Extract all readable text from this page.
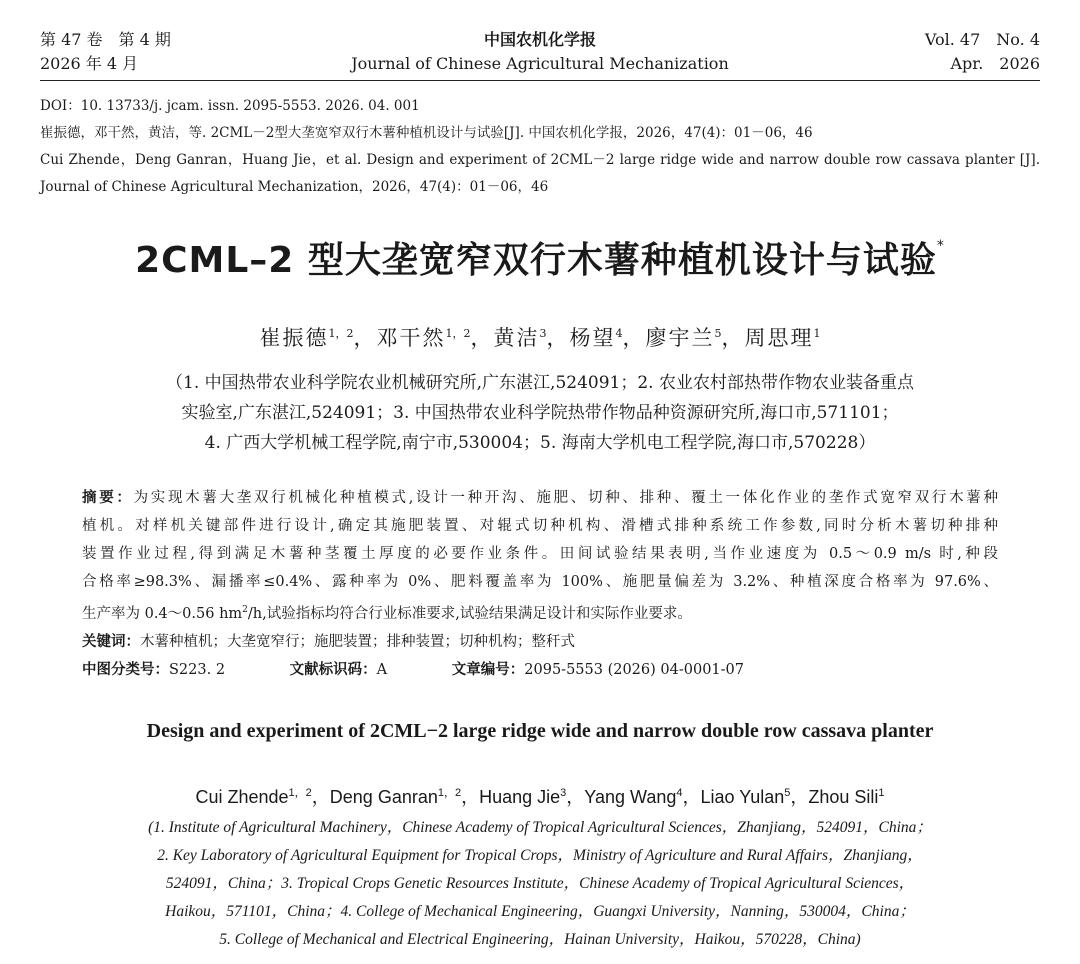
第 47 卷　第 4 期
2026 年 4 月
中国农机化学报
Journal of Chinese Agricultural Mechanization
Vol. 47　No. 4
Apr.　2026
DOI：10. 13733/j. jcam. issn. 2095-5553. 2026. 04. 001
崔振德，邓干然，黄洁，等. 2CML－2型大垄宽窄双行木薯种植机设计与试验[J]. 中国农机化学报，2026，47(4)：01－06，46
Cui Zhende，Deng Ganran，Huang Jie，et al. Design and experiment of 2CML－2 large ridge wide and narrow double row cassava planter [J].
Journal of Chinese Agricultural Mechanization，2026，47(4)：01－06，46
2CML–2 型大垄宽窄双行木薯种植机设计与试验*
崔振德$^{1,2}$，邓干然$^{1,2}$，黄洁$^3$，杨望$^4$，廖宇兰$^5$，周思理$^1$
（1. 中国热带农业科学院农业机械研究所,广东湛江,524091；2. 农业农村部热带作物农业装备重点
实验室,广东湛江,524091；3. 中国热带农业科学院热带作物品种资源研究所,海口市,571101；
4. 广西大学机械工程学院,南宁市,530004；5. 海南大学机电工程学院,海口市,570228）
摘要：为实现木薯大垄双行机械化种植模式,设计一种开沟、施肥、切种、排种、覆土一体化作业的垄作式宽窄双行木薯种
植机。对样机关键部件进行设计,确定其施肥装置、对辊式切种机构、滑槽式排种系统工作参数,同时分析木薯切种排种
装置作业过程,得到满足木薯种茎覆土厚度的必要作业条件。田间试验结果表明,当作业速度为 0.5～0.9 m/s 时,种段
合格率≥98.3%、漏播率≤0.4%、露种率为 0%、肥料覆盖率为 100%、施肥量偏差为 3.2%、种植深度合格率为 97.6%、
生产率为 0.4～0.56 $hm^2/h$,试验指标均符合行业标准要求,试验结果满足设计和实际作业要求。
关键词：木薯种植机；大垄宽窄行；施肥装置；排种装置；切种机构；整秆式
中图分类号：S223. 2	文献标识码：A	文章编号：2095-5553 (2026) 04-0001-07
Design and experiment of 2CML−2 large ridge wide and narrow double row cassava planter
Cui Zhende$^{1,2}$，Deng Ganran$^{1,2}$，Huang Jie$^3$，Yang Wang$^4$，Liao Yulan$^5$，Zhou Sili$^1$
(1. Institute of Agricultural Machinery，Chinese Academy of Tropical Agricultural Sciences，Zhanjiang，524091，China；
2. Key Laboratory of Agricultural Equipment for Tropical Crops，Ministry of Agriculture and Rural Affairs，Zhanjiang，
524091，China；3. Tropical Crops Genetic Resources Institute，Chinese Academy of Tropical Agricultural Sciences，
Haikou，571101，China；4. College of Mechanical Engineering，Guangxi University，Nanning，530004，China；
5. College of Mechanical and Electrical Engineering，Hainan University，Haikou，570228，China)
